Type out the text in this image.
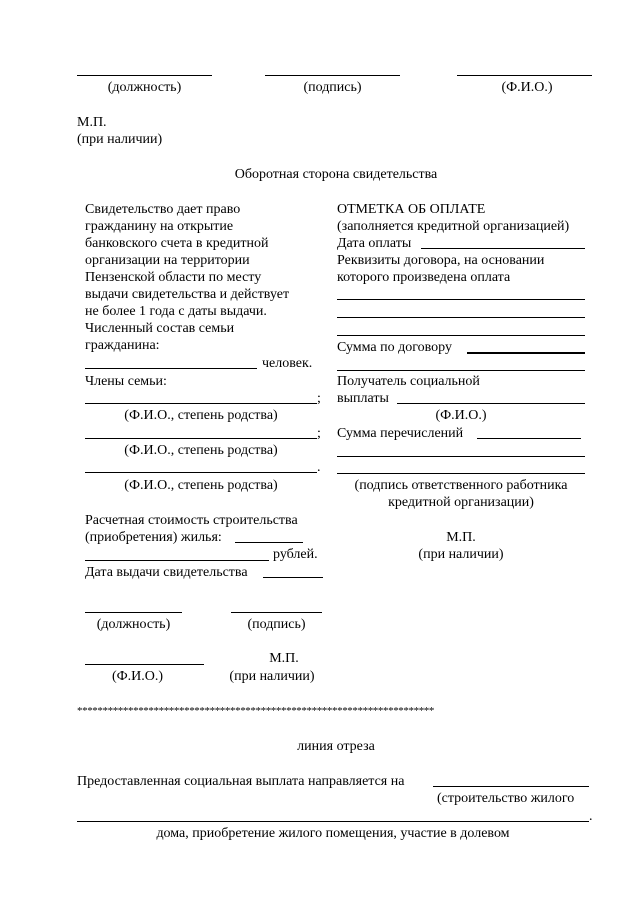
(должность)	(подпись)	(Ф.И.О.)
М.П.
(при наличии)
Оборотная сторона свидетельства
Свидетельство дает право
гражданину на открытие
банковского счета в кредитной
организации на территории
Пензенской области по месту
выдачи свидетельства и действует
не более 1 года с даты выдачи.
Численный состав семьи
гражданина:
человек.
Члены семьи:
;
(Ф.И.О., степень родства)
;
(Ф.И.О., степень родства)
.
(Ф.И.О., степень родства)
Расчетная стоимость строительства
(приобретения) жилья:
рублей.
Дата выдачи свидетельства
(должность)	(подпись)
М.П.
(Ф.И.О.)	(при наличии)
ОТМЕТКА ОБ ОПЛАТЕ
(заполняется кредитной организацией)
Дата оплаты
Реквизиты договора, на основании
которого произведена оплата
Сумма по договору
Получатель социальной
выплаты
(Ф.И.О.)
Сумма перечислений
(подпись ответственного работника
кредитной организации)
М.П.
(при наличии)
**********************************************************************
линия отреза
Предоставленная социальная выплата направляется на
(строительство жилого
.
дома, приобретение жилого помещения, участие в долевом
